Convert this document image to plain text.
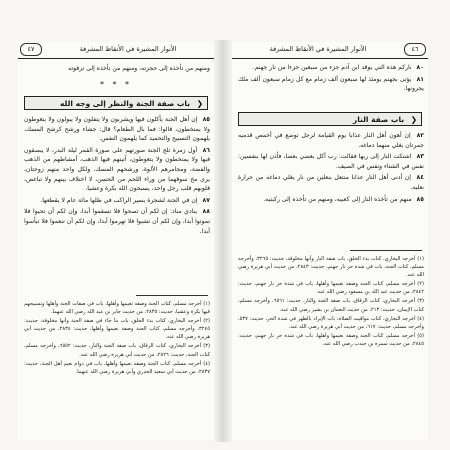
٤٧	الأنوار المشيرة في الأنقاظ المشرفة
ومنهم من تأخذه إلى حجزته، ومنهم من تأخذه إلى ترقوته
* * *
❮ باب صفة الجنة والنظر إلى وجه الله

٨٥ إن أهل الجنة يأكلون فيها ويشربون ولا يتفلون ولا يبولون ولا يتغوطون ولا يمتخطون، قالوا: فما بال الطعام؟ قال: جشاء ورشح كرشح المسك، يلهمون التسبيح والتحميد كما يلهمون النفس.

٨٦ أول زمرة تلج الجنة صورتهم على صورة القمر ليلة البدر، لا يبصقون فيها ولا يمتخطون ولا يتغوطون، آنيتهم فيها الذهب، أمشاطهم من الذهب والفضة، ومجامرهم الألوة، ورشحهم المسك، ولكل واحد منهم زوجتان، يرى مخ سوقهما من وراء اللحم من الحسن، لا اختلاف بينهم ولا تباغض، قلوبهم قلب رجل واحد، يسبحون الله بكرة وعشيا.

٨٧ إن في الجنة لشجرة يسير الراكب في ظلها مائة عام لا يقطعها.

٨٨ ينادي مناد: إن لكم أن تصحوا فلا تسقموا أبدا، وإن لكم أن تحيوا فلا تموتوا أبدا، وإن لكم أن تشبوا فلا تهرموا أبدا، وإن لكم أن تنعموا فلا تبأسوا أبدا.

(١) أخرجه مسلم، كتاب الجنة وصفة نعيمها وأهلها، باب في صفات الجنة وأهلها وتسبيحهم فيها بكرة وعشيا، حديث: ٢٨٣٥، من حديث جابر بن عبد الله رضي الله عنهما.
(٢) أخرجه البخاري، كتاب بدء الخلق، باب ما جاء في صفة الجنة وأنها مخلوقة، حديث: ٣٢٤٥، وأخرجه مسلم، كتاب الجنة وصفة نعيمها وأهلها، حديث: ٢٨٣٤، من حديث أبي هريرة رضي الله عنه.
(٣) أخرجه البخاري، كتاب الرقاق، باب صفة الجنة والنار، حديث: ٦٥٥٢، وأخرجه مسلم، كتاب الجنة، حديث: ٢٨٢٦، من حديث أبي هريرة رضي الله عنه.
(٤) أخرجه مسلم، كتاب الجنة وصفة نعيمها وأهلها، باب في دوام نعيم أهل الجنة، حديث: ٢٨٣٧، من حديث أبي سعيد الخدري وأبي هريرة رضي الله عنهما.
٤٦
الأنوار المشيرة في الأنقاظ المشرفة

٨٠ ناركم هذه التي يوقد ابن آدم جزء من سبعين جزءا من نار جهنم.

٨١ يؤتى بجهنم يومئذ لها سبعون ألف زمام مع كل زمام سبعون ألف ملك يجرونها.

❮ باب صفة النار

٨٢ إن أهون أهل النار عذابا يوم القيامة لرجل توضع في أخمص قدميه جمرتان يغلي منهما دماغه.

٨٣ اشتكت النار إلى ربها فقالت: رب أكل بعضي بعضا، فأذن لها بنفسين: نفس في الشتاء ونفس في الصيف.

٨٤ إن أدنى أهل النار عذابا منتعل بنعلين من نار يغلي دماغه من حرارة نعليه.

٨٥ منهم من تأخذه النار إلى كعبيه، ومنهم من تأخذه إلى ركبتيه.

(١) أخرجه البخاري، كتاب بدء الخلق، باب صفة النار وأنها مخلوقة، حديث: ٣٢٦٥، وأخرجه مسلم، كتاب الجنة، باب في شدة حر نار جهنم، حديث: ٢٨٤٣، من حديث أبي هريرة رضي الله عنه.
(٢) أخرجه مسلم، كتاب الجنة وصفة نعيمها وأهلها، باب في شدة حر نار جهنم، حديث: ٢٨٤٢، من حديث عبد الله بن مسعود رضي الله عنه.
(٣) أخرجه البخاري، كتاب الرقاق، باب صفة الجنة والنار، حديث: ٦٥٦١، وأخرجه مسلم، كتاب الإيمان، حديث: ٢١٣، من حديث النعمان بن بشير رضي الله عنه.
(٤) أخرجه البخاري، كتاب مواقيت الصلاة، باب الإبراد بالظهر في شدة الحر، حديث: ٥٣٧، وأخرجه مسلم، حديث: ٦١٧، من حديث أبي هريرة رضي الله عنه.
(٥) أخرجه مسلم، كتاب الجنة وصفة نعيمها وأهلها، باب في شدة حر نار جهنم، حديث: ٢٨٤٥، من حديث سمرة بن جندب رضي الله عنه.
